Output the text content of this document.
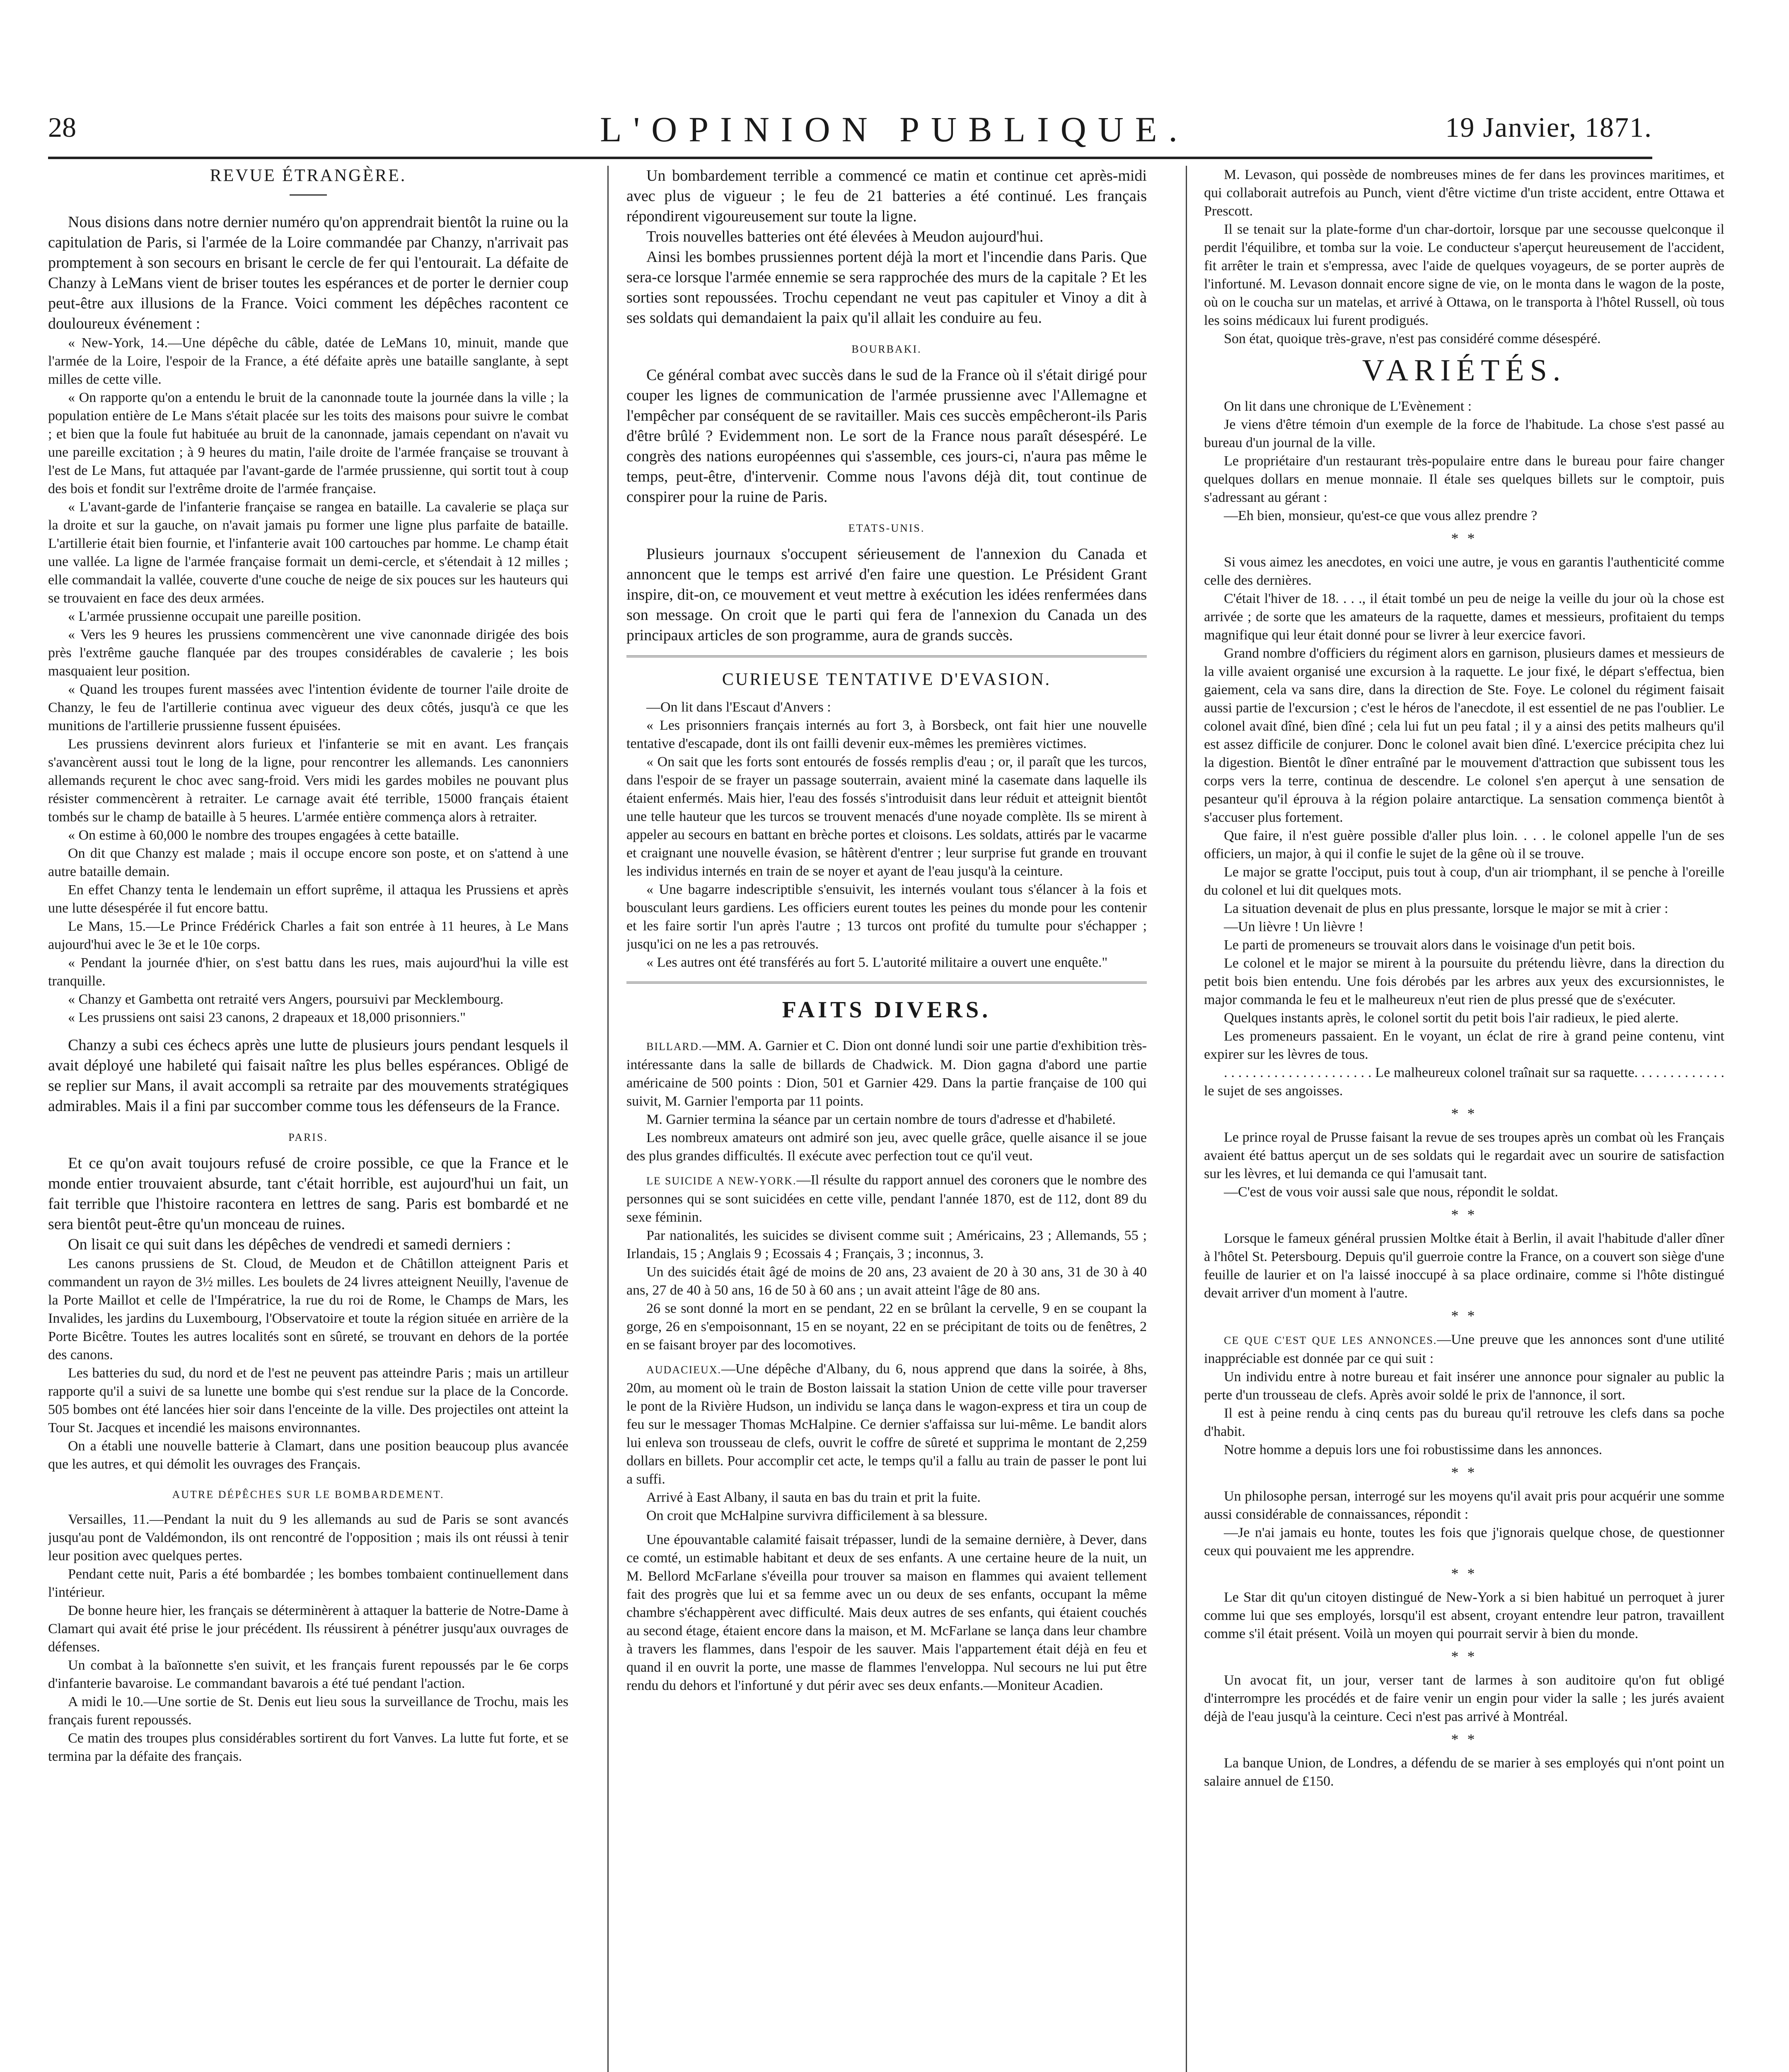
28	L'OPINION PUBLIQUE.	19 Janvier, 1871.
REVUE ÉTRANGÈRE.

Nous disions dans notre dernier numéro qu'on apprendrait bientôt la ruine ou la capitulation de Paris, si l'armée de la Loire commandée par Chanzy, n'arrivait pas promptement à son secours en brisant le cercle de fer qui l'entourait. La défaite de Chanzy à LeMans vient de briser toutes les espérances et de porter le dernier coup peut-être aux illusions de la France. Voici comment les dépêches racontent ce douloureux événement :

« New-York, 14.—Une dépêche du câble, datée de LeMans 10, minuit, mande que l'armée de la Loire, l'espoir de la France, a été défaite après une bataille sanglante, à sept milles de cette ville.

« On rapporte qu'on a entendu le bruit de la canonnade toute la journée dans la ville ; la population entière de Le Mans s'était placée sur les toits des maisons pour suivre le combat ; et bien que la foule fut habituée au bruit de la canonnade, jamais cependant on n'avait vu une pareille excitation ; à 9 heures du matin, l'aile droite de l'armée française se trouvant à l'est de Le Mans, fut attaquée par l'avant-garde de l'armée prussienne, qui sortit tout à coup des bois et fondit sur l'extrême droite de l'armée française.

« L'avant-garde de l'infanterie française se rangea en bataille. La cavalerie se plaça sur la droite et sur la gauche, on n'avait jamais pu former une ligne plus parfaite de bataille. L'artillerie était bien fournie, et l'infanterie avait 100 cartouches par homme. Le champ était une vallée. La ligne de l'armée française formait un demi-cercle, et s'étendait à 12 milles ; elle commandait la vallée, couverte d'une couche de neige de six pouces sur les hauteurs qui se trouvaient en face des deux armées.

« L'armée prussienne occupait une pareille position.

« Vers les 9 heures les prussiens commencèrent une vive canonnade dirigée des bois près l'extrême gauche flanquée par des troupes considérables de cavalerie ; les bois masquaient leur position.

« Quand les troupes furent massées avec l'intention évidente de tourner l'aile droite de Chanzy, le feu de l'artillerie continua avec vigueur des deux côtés, jusqu'à ce que les munitions de l'artillerie prussienne fussent épuisées.

Les prussiens devinrent alors furieux et l'infanterie se mit en avant. Les français s'avancèrent aussi tout le long de la ligne, pour rencontrer les allemands. Les canonniers allemands reçurent le choc avec sang-froid. Vers midi les gardes mobiles ne pouvant plus résister commencèrent à retraiter. Le carnage avait été terrible, 15000 français étaient tombés sur le champ de bataille à 5 heures. L'armée entière commença alors à retraiter.

« On estime à 60,000 le nombre des troupes engagées à cette bataille.

On dit que Chanzy est malade ; mais il occupe encore son poste, et on s'attend à une autre bataille demain.

En effet Chanzy tenta le lendemain un effort suprême, il attaqua les Prussiens et après une lutte désespérée il fut encore battu.

Le Mans, 15.—Le Prince Frédérick Charles a fait son entrée à 11 heures, à Le Mans aujourd'hui avec le 3e et le 10e corps.

« Pendant la journée d'hier, on s'est battu dans les rues, mais aujourd'hui la ville est tranquille.

« Chanzy et Gambetta ont retraité vers Angers, poursuivi par Mecklembourg.

« Les prussiens ont saisi 23 canons, 2 drapeaux et 18,000 prisonniers."

Chanzy a subi ces échecs après une lutte de plusieurs jours pendant lesquels il avait déployé une habileté qui faisait naître les plus belles espérances. Obligé de se replier sur Mans, il avait accompli sa retraite par des mouvements stratégiques admirables. Mais il a fini par succomber comme tous les défenseurs de la France.

PARIS.

Et ce qu'on avait toujours refusé de croire possible, ce que la France et le monde entier trouvaient absurde, tant c'était horrible, est aujourd'hui un fait, un fait terrible que l'histoire racontera en lettres de sang. Paris est bombardé et ne sera bientôt peut-être qu'un monceau de ruines.

On lisait ce qui suit dans les dépêches de vendredi et samedi derniers :

Les canons prussiens de St. Cloud, de Meudon et de Châtillon atteignent Paris et commandent un rayon de 3½ milles. Les boulets de 24 livres atteignent Neuilly, l'avenue de la Porte Maillot et celle de l'Impératrice, la rue du roi de Rome, le Champs de Mars, les Invalides, les jardins du Luxembourg, l'Observatoire et toute la région située en arrière de la Porte Bicêtre. Toutes les autres localités sont en sûreté, se trouvant en dehors de la portée des canons.

Les batteries du sud, du nord et de l'est ne peuvent pas atteindre Paris ; mais un artilleur rapporte qu'il a suivi de sa lunette une bombe qui s'est rendue sur la place de la Concorde. 505 bombes ont été lancées hier soir dans l'enceinte de la ville. Des projectiles ont atteint la Tour St. Jacques et incendié les maisons environnantes.

On a établi une nouvelle batterie à Clamart, dans une position beaucoup plus avancée que les autres, et qui démolit les ouvrages des Français.

AUTRE DÉPÊCHES SUR LE BOMBARDEMENT.

Versailles, 11.—Pendant la nuit du 9 les allemands au sud de Paris se sont avancés jusqu'au pont de Valdémondon, ils ont rencontré de l'opposition ; mais ils ont réussi à tenir leur position avec quelques pertes.

Pendant cette nuit, Paris a été bombardée ; les bombes tombaient continuellement dans l'intérieur.

De bonne heure hier, les français se déterminèrent à attaquer la batterie de Notre-Dame à Clamart qui avait été prise le jour précédent. Ils réussirent à pénétrer jusqu'aux ouvrages de défenses.

Un combat à la baïonnette s'en suivit, et les français furent repoussés par le 6e corps d'infanterie bavaroise. Le commandant bavarois a été tué pendant l'action.

A midi le 10.—Une sortie de St. Denis eut lieu sous la surveillance de Trochu, mais les français furent repoussés.

Ce matin des troupes plus considérables sortirent du fort Vanves. La lutte fut forte, et se termina par la défaite des français.

Un bombardement terrible a commencé ce matin et continue cet après-midi avec plus de vigueur ; le feu de 21 batteries a été continué. Les français répondirent vigoureusement sur toute la ligne.

Trois nouvelles batteries ont été élevées à Meudon aujourd'hui.

Ainsi les bombes prussiennes portent déjà la mort et l'incendie dans Paris. Que sera-ce lorsque l'armée ennemie se sera rapprochée des murs de la capitale ? Et les sorties sont repoussées. Trochu cependant ne veut pas capituler et Vinoy a dit à ses soldats qui demandaient la paix qu'il allait les conduire au feu.

BOURBAKI.

Ce général combat avec succès dans le sud de la France où il s'était dirigé pour couper les lignes de communication de l'armée prussienne avec l'Allemagne et l'empêcher par conséquent de se ravitailler. Mais ces succès empêcheront-ils Paris d'être brûlé ? Evidemment non. Le sort de la France nous paraît désespéré. Le congrès des nations européennes qui s'assemble, ces jours-ci, n'aura pas même le temps, peut-être, d'intervenir. Comme nous l'avons déjà dit, tout continue de conspirer pour la ruine de Paris.

ETATS-UNIS.

Plusieurs journaux s'occupent sérieusement de l'annexion du Canada et annoncent que le temps est arrivé d'en faire une question. Le Président Grant inspire, dit-on, ce mouvement et veut mettre à exécution les idées renfermées dans son message. On croit que le parti qui fera de l'annexion du Canada un des principaux articles de son programme, aura de grands succès.

CURIEUSE TENTATIVE D'EVASION.

—On lit dans l'Escaut d'Anvers :

« Les prisonniers français internés au fort 3, à Borsbeck, ont fait hier une nouvelle tentative d'escapade, dont ils ont failli devenir eux-mêmes les premières victimes.

« On sait que les forts sont entourés de fossés remplis d'eau ; or, il paraît que les turcos, dans l'espoir de se frayer un passage souterrain, avaient miné la casemate dans laquelle ils étaient enfermés. Mais hier, l'eau des fossés s'introduisit dans leur réduit et atteignit bientôt une telle hauteur que les turcos se trouvent menacés d'une noyade complète. Ils se mirent à appeler au secours en battant en brèche portes et cloisons. Les soldats, attirés par le vacarme et craignant une nouvelle évasion, se hâtèrent d'entrer ; leur surprise fut grande en trouvant les individus internés en train de se noyer et ayant de l'eau jusqu'à la ceinture.

« Une bagarre indescriptible s'ensuivit, les internés voulant tous s'élancer à la fois et bousculant leurs gardiens. Les officiers eurent toutes les peines du monde pour les contenir et les faire sortir l'un après l'autre ; 13 turcos ont profité du tumulte pour s'échapper ; jusqu'ici on ne les a pas retrouvés.

« Les autres ont été transférés au fort 5. L'autorité militaire a ouvert une enquête."

FAITS DIVERS.

BILLARD.—MM. A. Garnier et C. Dion ont donné lundi soir une partie d'exhibition très-intéressante dans la salle de billards de Chadwick. M. Dion gagna d'abord une partie américaine de 500 points : Dion, 501 et Garnier 429. Dans la partie française de 100 qui suivit, M. Garnier l'emporta par 11 points.

M. Garnier termina la séance par un certain nombre de tours d'adresse et d'habileté.

Les nombreux amateurs ont admiré son jeu, avec quelle grâce, quelle aisance il se joue des plus grandes difficultés. Il exécute avec perfection tout ce qu'il veut.

LE SUICIDE A NEW-YORK.—Il résulte du rapport annuel des coroners que le nombre des personnes qui se sont suicidées en cette ville, pendant l'année 1870, est de 112, dont 89 du sexe féminin.

Par nationalités, les suicides se divisent comme suit ; Américains, 23 ; Allemands, 55 ; Irlandais, 15 ; Anglais 9 ; Ecossais 4 ; Français, 3 ; inconnus, 3.

Un des suicidés était âgé de moins de 20 ans, 23 avaient de 20 à 30 ans, 31 de 30 à 40 ans, 27 de 40 à 50 ans, 16 de 50 à 60 ans ; un avait atteint l'âge de 80 ans.

26 se sont donné la mort en se pendant, 22 en se brûlant la cervelle, 9 en se coupant la gorge, 26 en s'empoisonnant, 15 en se noyant, 22 en se précipitant de toits ou de fenêtres, 2 en se faisant broyer par des locomotives.

AUDACIEUX.—Une dépêche d'Albany, du 6, nous apprend que dans la soirée, à 8hs, 20m, au moment où le train de Boston laissait la station Union de cette ville pour traverser le pont de la Rivière Hudson, un individu se lança dans le wagon-express et tira un coup de feu sur le messager Thomas McHalpine. Ce dernier s'affaissa sur lui-même. Le bandit alors lui enleva son trousseau de clefs, ouvrit le coffre de sûreté et supprima le montant de 2,259 dollars en billets. Pour accomplir cet acte, le temps qu'il a fallu au train de passer le pont lui a suffi.

Arrivé à East Albany, il sauta en bas du train et prit la fuite.

On croit que McHalpine survivra difficilement à sa blessure.

Une épouvantable calamité faisait trépasser, lundi de la semaine dernière, à Dever, dans ce comté, un estimable habitant et deux de ses enfants. A une certaine heure de la nuit, un M. Bellord McFarlane s'éveilla pour trouver sa maison en flammes qui avaient tellement fait des progrès que lui et sa femme avec un ou deux de ses enfants, occupant la même chambre s'échappèrent avec difficulté. Mais deux autres de ses enfants, qui étaient couchés au second étage, étaient encore dans la maison, et M. McFarlane se lança dans leur chambre à travers les flammes, dans l'espoir de les sauver. Mais l'appartement était déjà en feu et quand il en ouvrit la porte, une masse de flammes l'enveloppa. Nul secours ne lui put être rendu du dehors et l'infortuné y dut périr avec ses deux enfants.—Moniteur Acadien.

M. Levason, qui possède de nombreuses mines de fer dans les provinces maritimes, et qui collaborait autrefois au Punch, vient d'être victime d'un triste accident, entre Ottawa et Prescott.

Il se tenait sur la plate-forme d'un char-dortoir, lorsque par une secousse quelconque il perdit l'équilibre, et tomba sur la voie. Le conducteur s'aperçut heureusement de l'accident, fit arrêter le train et s'empressa, avec l'aide de quelques voyageurs, de se porter auprès de l'infortuné. M. Levason donnait encore signe de vie, on le monta dans le wagon de la poste, où on le coucha sur un matelas, et arrivé à Ottawa, on le transporta à l'hôtel Russell, où tous les soins médicaux lui furent prodigués.

Son état, quoique très-grave, n'est pas considéré comme désespéré.

VARIÉTÉS.

On lit dans une chronique de L'Evènement :

Je viens d'être témoin d'un exemple de la force de l'habitude. La chose s'est passé au bureau d'un journal de la ville.

Le propriétaire d'un restaurant très-populaire entre dans le bureau pour faire changer quelques dollars en menue monnaie. Il étale ses quelques billets sur le comptoir, puis s'adressant au gérant :

—Eh bien, monsieur, qu'est-ce que vous allez prendre ?

* *

Si vous aimez les anecdotes, en voici une autre, je vous en garantis l'authenticité comme celle des dernières.

C'était l'hiver de 18. . . ., il était tombé un peu de neige la veille du jour où la chose est arrivée ; de sorte que les amateurs de la raquette, dames et messieurs, profitaient du temps magnifique qui leur était donné pour se livrer à leur exercice favori.

Grand nombre d'officiers du régiment alors en garnison, plusieurs dames et messieurs de la ville avaient organisé une excursion à la raquette. Le jour fixé, le départ s'effectua, bien gaiement, cela va sans dire, dans la direction de Ste. Foye. Le colonel du régiment faisait aussi partie de l'excursion ; c'est le héros de l'anecdote, il est essentiel de ne pas l'oublier. Le colonel avait dîné, bien dîné ; cela lui fut un peu fatal ; il y a ainsi des petits malheurs qu'il est assez difficile de conjurer. Donc le colonel avait bien dîné. L'exercice précipita chez lui la digestion. Bientôt le dîner entraîné par le mouvement d'attraction que subissent tous les corps vers la terre, continua de descendre. Le colonel s'en aperçut à une sensation de pesanteur qu'il éprouva à la région polaire antarctique. La sensation commença bientôt à s'accuser plus fortement.

Que faire, il n'est guère possible d'aller plus loin. . . . le colonel appelle l'un de ses officiers, un major, à qui il confie le sujet de la gêne où il se trouve.

Le major se gratte l'occiput, puis tout à coup, d'un air triomphant, il se penche à l'oreille du colonel et lui dit quelques mots.

La situation devenait de plus en plus pressante, lorsque le major se mit à crier :

—Un lièvre ! Un lièvre !

Le parti de promeneurs se trouvait alors dans le voisinage d'un petit bois.

Le colonel et le major se mirent à la poursuite du prétendu lièvre, dans la direction du petit bois bien entendu. Une fois dérobés par les arbres aux yeux des excursionnistes, le major commanda le feu et le malheureux n'eut rien de plus pressé que de s'exécuter.

Quelques instants après, le colonel sortit du petit bois l'air radieux, le pied alerte.

Les promeneurs passaient. En le voyant, un éclat de rire à grand peine contenu, vint expirer sur les lèvres de tous.

. . . . . . . . . . . . . . . . . . . . . Le malheureux colonel traînait sur sa raquette. . . . . . . . . . . . . le sujet de ses angoisses.

* *

Le prince royal de Prusse faisant la revue de ses troupes après un combat où les Français avaient été battus aperçut un de ses soldats qui le regardait avec un sourire de satisfaction sur les lèvres, et lui demanda ce qui l'amusait tant.

—C'est de vous voir aussi sale que nous, répondit le soldat.

* *

Lorsque le fameux général prussien Moltke était à Berlin, il avait l'habitude d'aller dîner à l'hôtel St. Petersbourg. Depuis qu'il guerroie contre la France, on a couvert son siège d'une feuille de laurier et on l'a laissé inoccupé à sa place ordinaire, comme si l'hôte distingué devait arriver d'un moment à l'autre.

* *

CE QUE C'EST QUE LES ANNONCES.—Une preuve que les annonces sont d'une utilité inappréciable est donnée par ce qui suit :

Un individu entre à notre bureau et fait insérer une annonce pour signaler au public la perte d'un trousseau de clefs. Après avoir soldé le prix de l'annonce, il sort.

Il est à peine rendu à cinq cents pas du bureau qu'il retrouve les clefs dans sa poche d'habit.

Notre homme a depuis lors une foi robustissime dans les annonces.

* *

Un philosophe persan, interrogé sur les moyens qu'il avait pris pour acquérir une somme aussi considérable de connaissances, répondit :

—Je n'ai jamais eu honte, toutes les fois que j'ignorais quelque chose, de questionner ceux qui pouvaient me les apprendre.

* *

Le Star dit qu'un citoyen distingué de New-York a si bien habitué un perroquet à jurer comme lui que ses employés, lorsqu'il est absent, croyant entendre leur patron, travaillent comme s'il était présent. Voilà un moyen qui pourrait servir à bien du monde.

* *

Un avocat fit, un jour, verser tant de larmes à son auditoire qu'on fut obligé d'interrompre les procédés et de faire venir un engin pour vider la salle ; les jurés avaient déjà de l'eau jusqu'à la ceinture. Ceci n'est pas arrivé à Montréal.

* *

La banque Union, de Londres, a défendu de se marier à ses employés qui n'ont point un salaire annuel de £150.
